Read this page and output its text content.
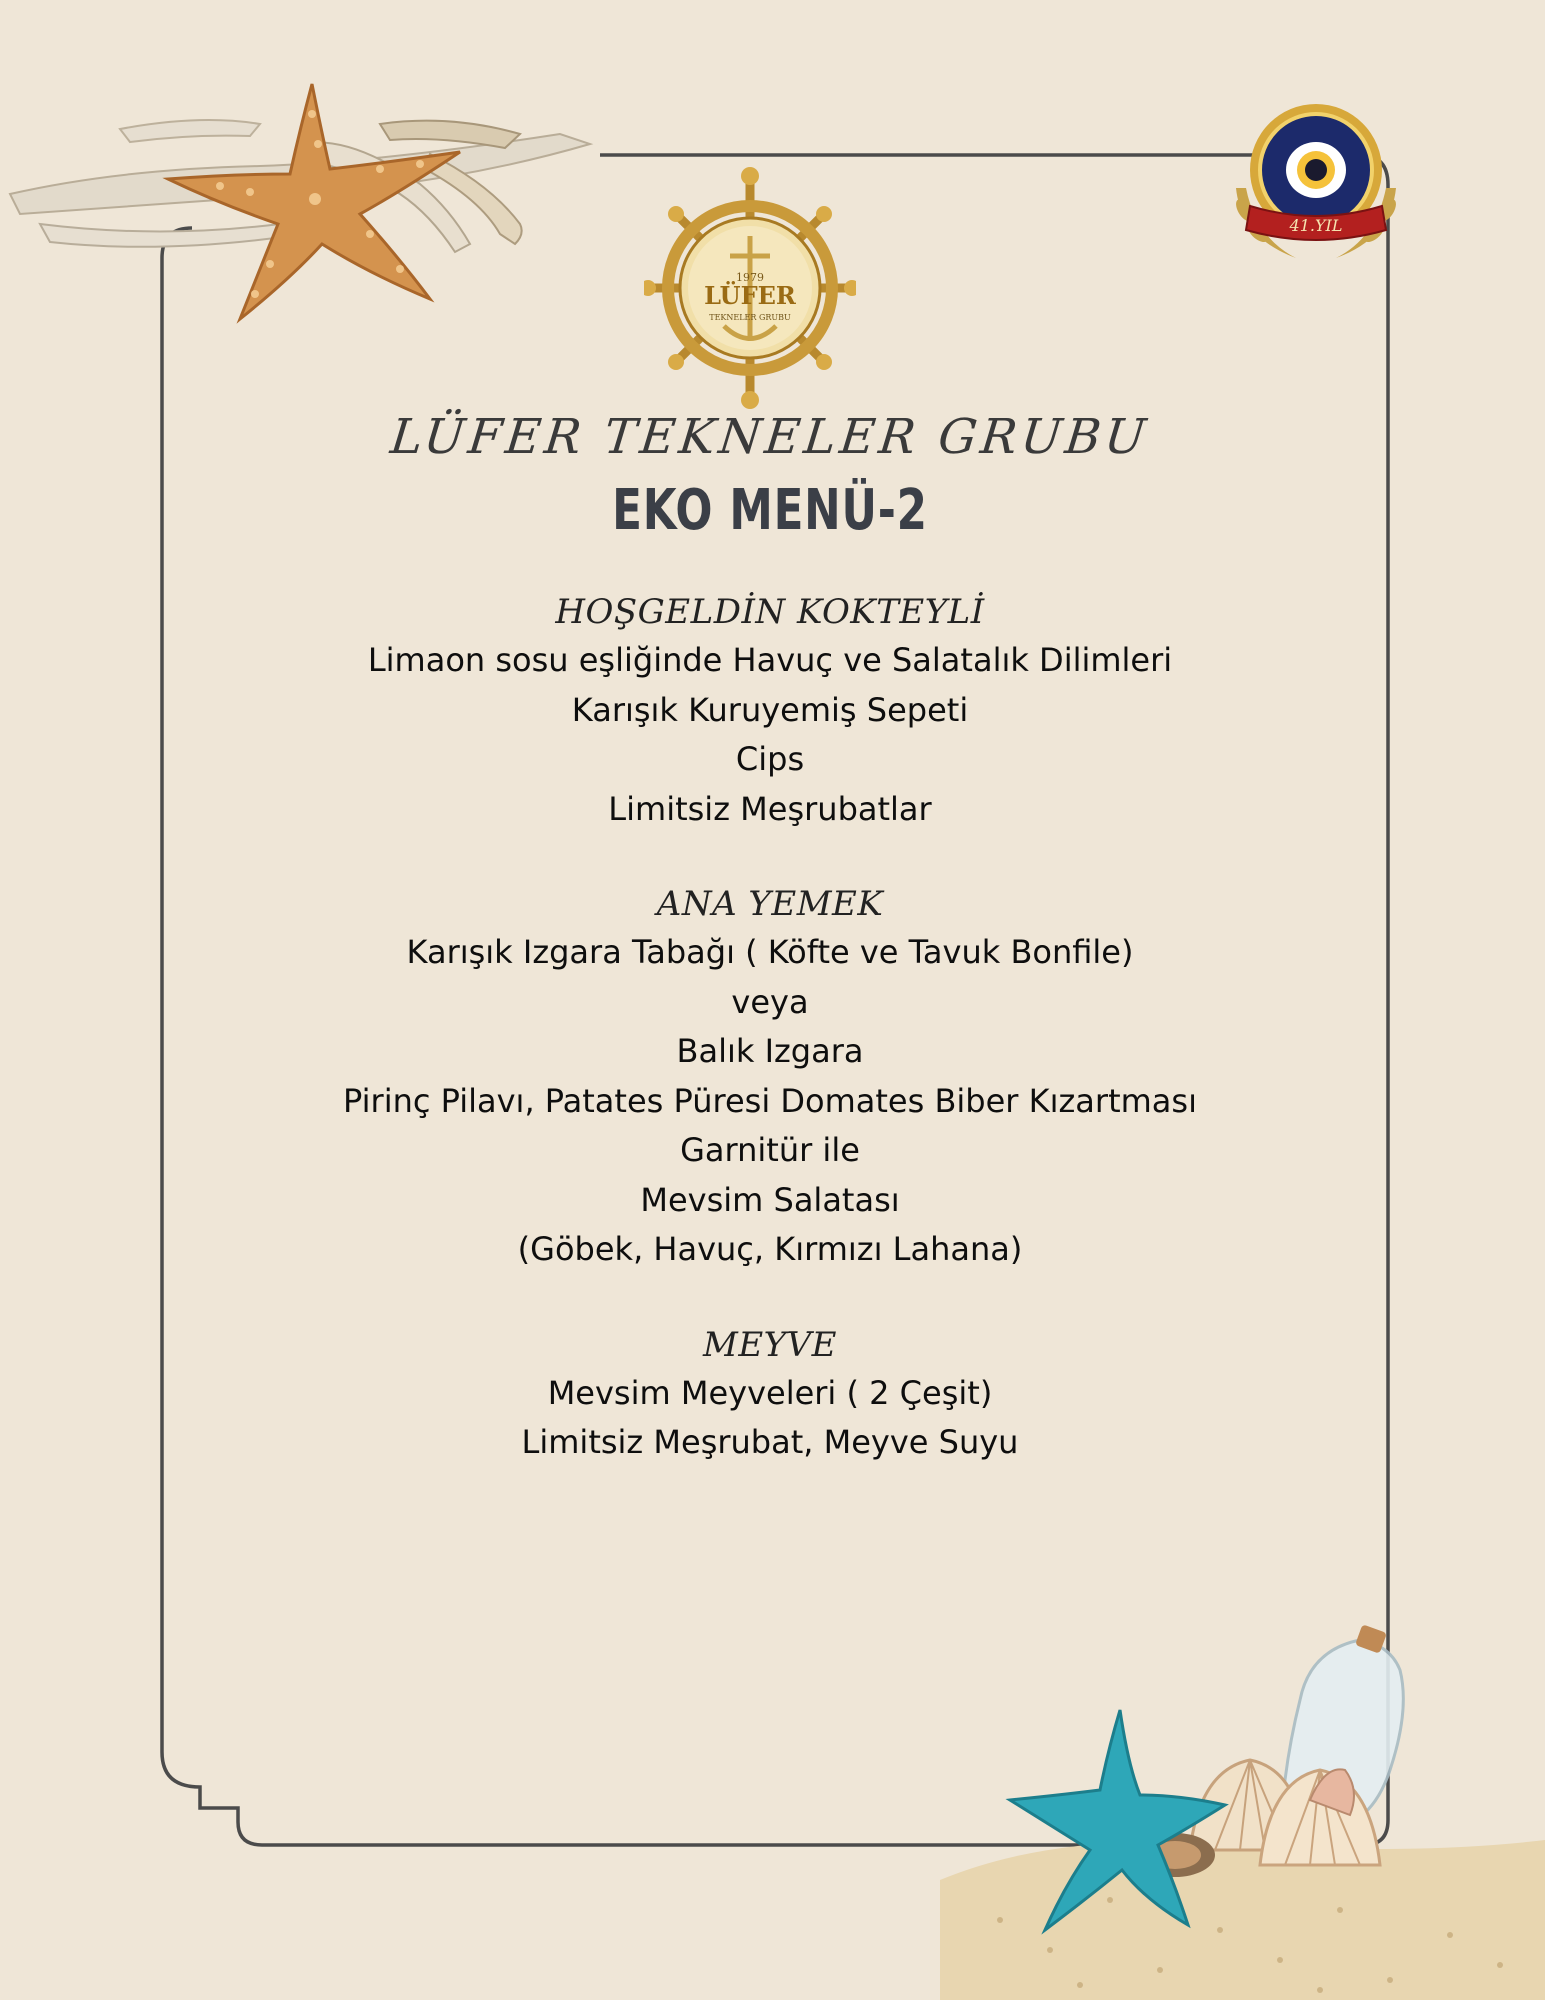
1979
LÜFER
TEKNELER GRUBU
41.YIL
LÜFER TEKNELER GRUBU
EKO MENÜ-2
HOŞGELDİN KOKTEYLİ
Limaon sosu eşliğinde Havuç ve Salatalık Dilimleri
Karışık Kuruyemiş Sepeti
Cips
Limitsiz Meşrubatlar
ANA YEMEK
Karışık Izgara Tabağı ( Köfte ve Tavuk Bonfile)
veya
Balık Izgara
Pirinç Pilavı, Patates Püresi Domates Biber Kızartması
Garnitür ile
Mevsim Salatası
(Göbek, Havuç, Kırmızı Lahana)
MEYVE
Mevsim Meyveleri ( 2 Çeşit)
Limitsiz Meşrubat, Meyve Suyu
